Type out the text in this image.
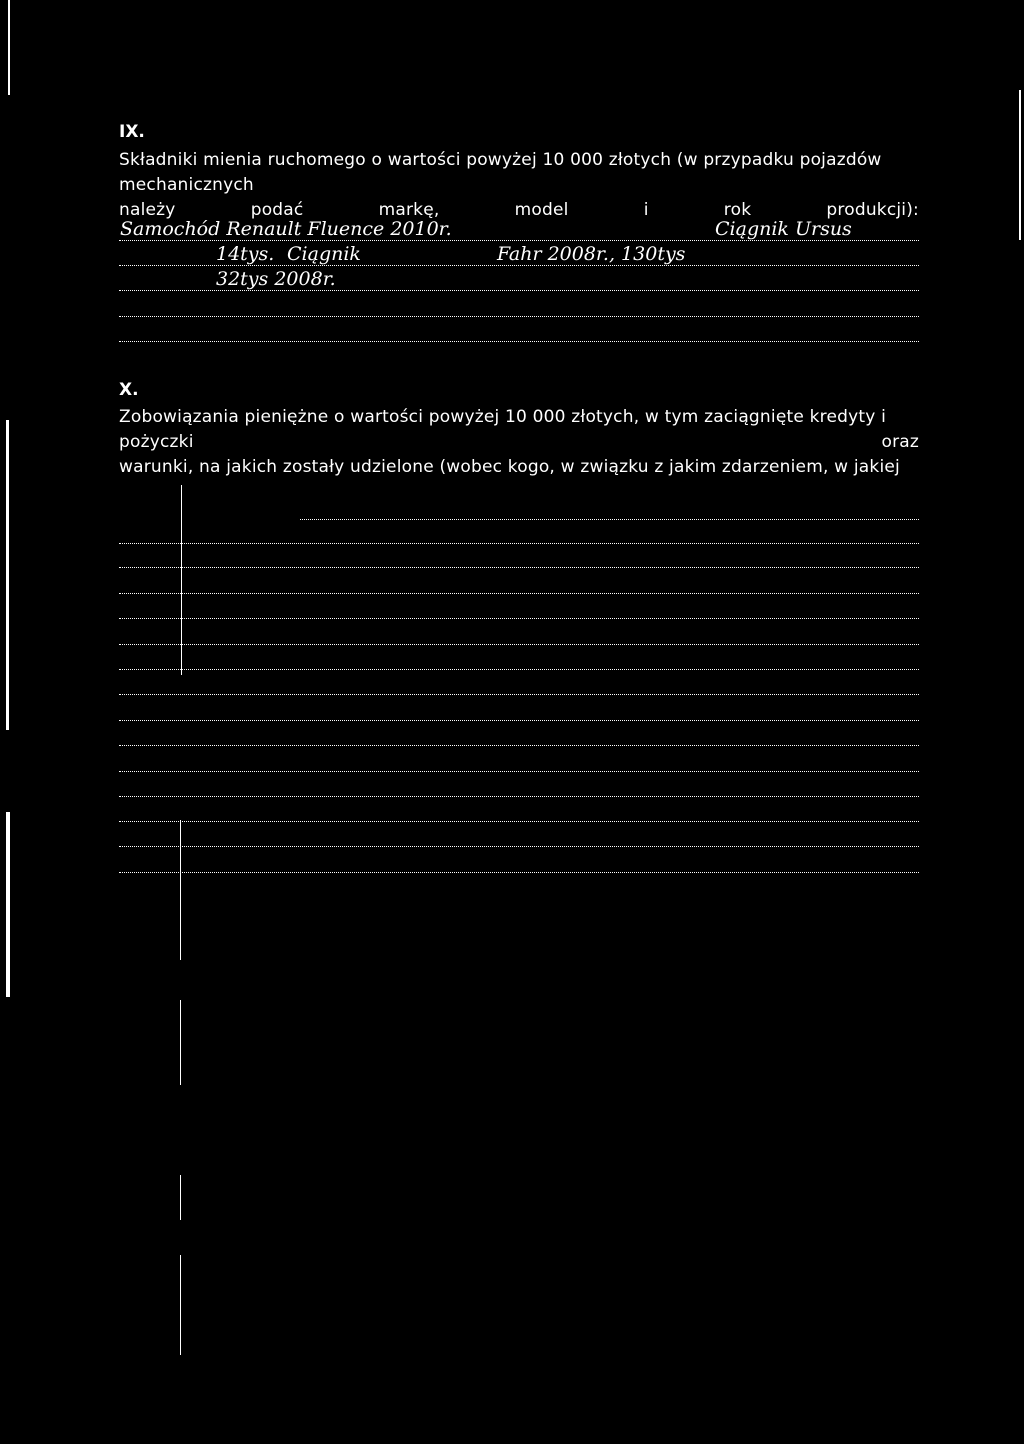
IX.
Składniki mienia ruchomego o wartości powyżej 10 000 złotych (w przypadku pojazdów
mechanicznych
należy podać markę, model i rok produkcji):
Samochód Renault Fluence 2010r.	Ciągnik Ursus
14tys. Ciągnik	Fahr 2008r., 130tys
32tys 2008r.
X.
Zobowiązania pieniężne o wartości powyżej 10 000 złotych, w tym zaciągnięte kredyty i
pożyczki oraz
warunki, na jakich zostały udzielone (wobec kogo, w związku z jakim zdarzeniem, w jakiej
